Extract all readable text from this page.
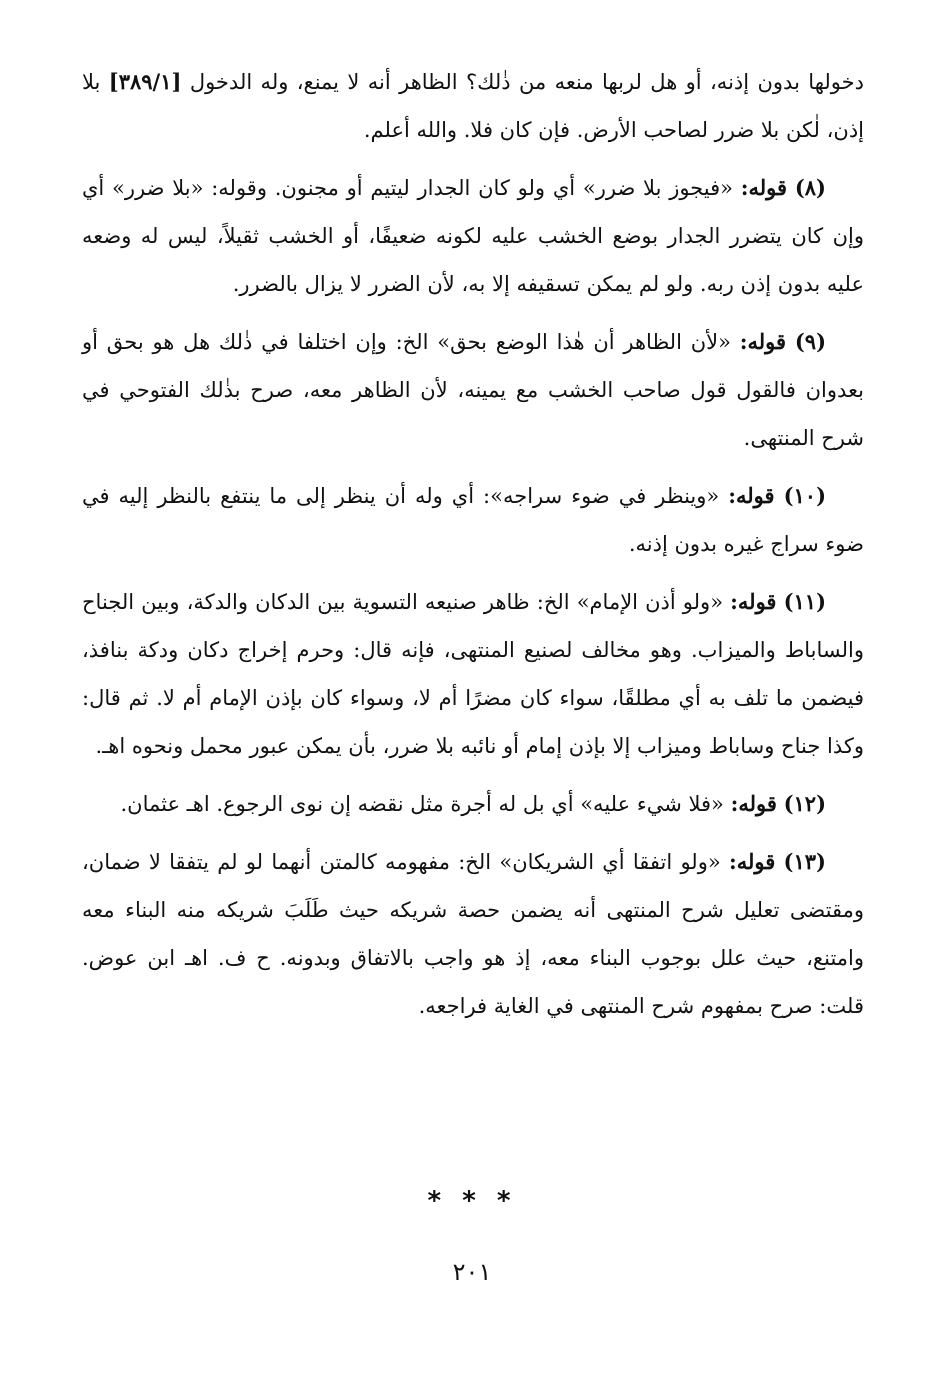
دخولها بدون إذنه، أو هل لربها منعه من ذٰلك؟ الظاهر أنه لا يمنع، وله الدخول [٣٨٩/١] بلا إذن، لٰكن بلا ضرر لصاحب الأرض. فإن كان فلا. والله أعلم.

(٨) قوله: «فيجوز بلا ضرر» أي ولو كان الجدار ليتيم أو مجنون. وقوله: «بلا ضرر» أي وإن كان يتضرر الجدار بوضع الخشب عليه لكونه ضعيفًا، أو الخشب ثقيلاً، ليس له وضعه عليه بدون إذن ربه. ولو لم يمكن تسقيفه إلا به، لأن الضرر لا يزال بالضرر.

(٩) قوله: «لأن الظاهر أن هٰذا الوضع بحق» الخ: وإن اختلفا في ذٰلك هل هو بحق أو بعدوان فالقول قول صاحب الخشب مع يمينه، لأن الظاهر معه، صرح بذٰلك الفتوحي في شرح المنتهى.

(١٠) قوله: «وينظر في ضوء سراجه»: أي وله أن ينظر إلى ما ينتفع بالنظر إليه في ضوء سراج غيره بدون إذنه.

(١١) قوله: «ولو أذن الإمام» الخ: ظاهر صنيعه التسوية بين الدكان والدكة، وبين الجناح والساباط والميزاب. وهو مخالف لصنيع المنتهى، فإنه قال: وحرم إخراج دكان ودكة بنافذ، فيضمن ما تلف به أي مطلقًا، سواء كان مضرًا أم لا، وسواء كان بإذن الإمام أم لا. ثم قال: وكذا جناح وساباط وميزاب إلا بإذن إمام أو نائبه بلا ضرر، بأن يمكن عبور محمل ونحوه اهـ.

(١٢) قوله: «فلا شيء عليه» أي بل له أجرة مثل نقضه إن نوى الرجوع. اهـ عثمان.

(١٣) قوله: «ولو اتفقا أي الشريكان» الخ: مفهومه كالمتن أنهما لو لم يتفقا لا ضمان، ومقتضى تعليل شرح المنتهى أنه يضمن حصة شريكه حيث طَلَبَ شريكه منه البناء معه وامتنع، حيث علل بوجوب البناء معه، إذ هو واجب بالاتفاق وبدونه. ح ف. اهـ ابن عوض. قلت: صرح بمفهوم شرح المنتهى في الغاية فراجعه.

* * *
٢٠١
